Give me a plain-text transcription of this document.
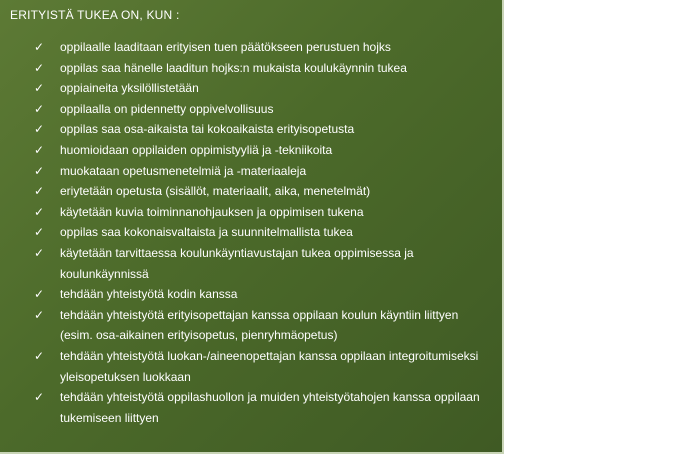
ERITYISTÄ TUKEA ON, KUN :
✓ oppilaalle laaditaan erityisen tuen päätökseen perustuen hojks
✓ oppilas saa hänelle laaditun hojks:n mukaista koulukäynnin tukea
✓ oppiaineita yksilöllistetään
✓ oppilaalla on pidennetty oppivelvollisuus
✓ oppilas saa osa-aikaista tai kokoaikaista erityisopetusta
✓ huomioidaan oppilaiden oppimistyyliä ja -tekniikoita
✓ muokataan opetusmenetelmiä ja -materiaaleja
✓ eriytetään opetusta (sisällöt, materiaalit, aika, menetelmät)
✓ käytetään kuvia toiminnanohjauksen ja oppimisen tukena
✓ oppilas saa kokonaisvaltaista ja suunnitelmallista tukea
✓ käytetään tarvittaessa koulunkäyntiavustajan tukea oppimisessa ja koulunkäynnissä
✓ tehdään yhteistyötä kodin kanssa
✓ tehdään yhteistyötä erityisopettajan kanssa oppilaan koulun käyntiin liittyen (esim. osa-aikainen erityisopetus, pienryhmäopetus)
✓ tehdään yhteistyötä luokan-/aineenopettajan kanssa oppilaan integroitumiseksi yleisopetuksen luokkaan
✓ tehdään yhteistyötä oppilashuollon ja muiden yhteistyötahojen kanssa oppilaan tukemiseen liittyen
